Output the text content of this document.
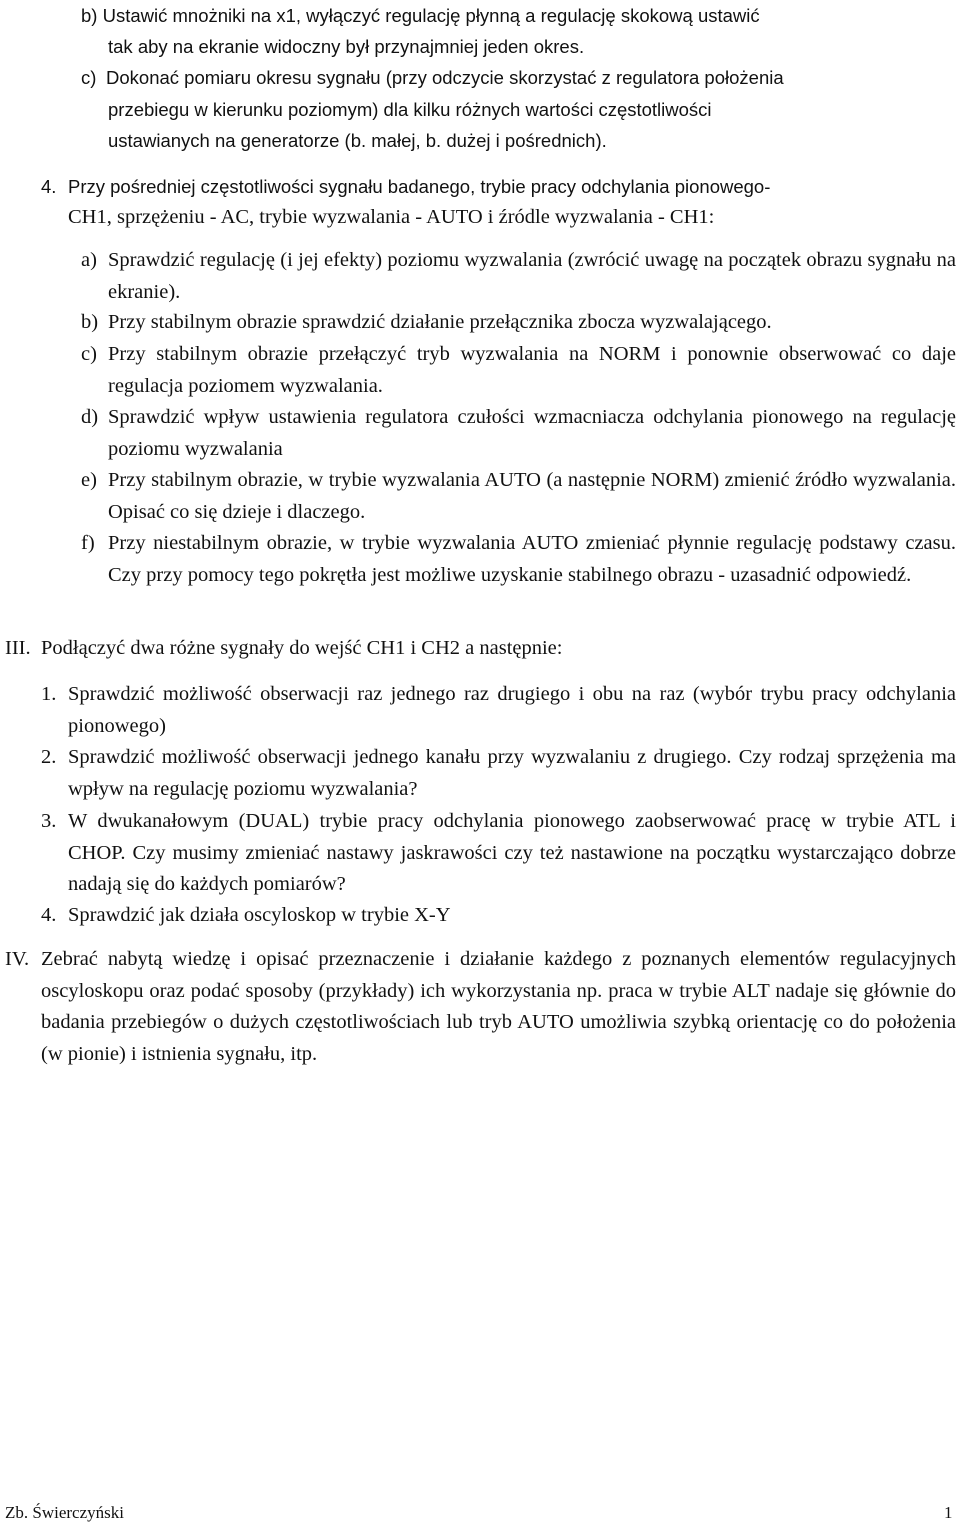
b) Ustawić mnożniki na x1, wyłączyć regulację płynną a regulację skokową ustawić
tak aby na ekranie widoczny był przynajmniej jeden okres.
c) Dokonać pomiaru okresu sygnału (przy odczycie skorzystać z regulatora położenia
przebiegu w kierunku poziomym) dla kilku różnych wartości częstotliwości
ustawianych na generatorze (b. małej, b. dużej i pośrednich).
4. Przy pośredniej częstotliwości sygnału badanego, trybie pracy odchylania pionowego-
CH1, sprzężeniu - AC, trybie wyzwalania - AUTO i źródle wyzwalania - CH1:
a) Sprawdzić regulację (i jej efekty) poziomu wyzwalania (zwrócić uwagę na początek obrazu sygnału na ekranie).
b) Przy stabilnym obrazie sprawdzić działanie przełącznika zbocza wyzwalającego.
c) Przy stabilnym obrazie przełączyć tryb wyzwalania na NORM i ponownie obserwować co daje regulacja poziomem wyzwalania.
d) Sprawdzić wpływ ustawienia regulatora czułości wzmacniacza odchylania pionowego na regulację poziomu wyzwalania
e) Przy stabilnym obrazie, w trybie wyzwalania AUTO (a następnie NORM) zmienić źródło wyzwalania. Opisać co się dzieje i dlaczego.
f) Przy niestabilnym obrazie, w trybie wyzwalania AUTO zmieniać płynnie regulację podstawy czasu. Czy przy pomocy tego pokrętła jest możliwe uzyskanie stabilnego obrazu - uzasadnić odpowiedź.
III. Podłączyć dwa różne sygnały do wejść CH1 i CH2 a następnie:
1. Sprawdzić możliwość obserwacji raz jednego raz drugiego i obu na raz (wybór trybu pracy odchylania pionowego)
2. Sprawdzić możliwość obserwacji jednego kanału przy wyzwalaniu z drugiego. Czy rodzaj sprzężenia ma wpływ na regulację poziomu wyzwalania?
3. W dwukanałowym (DUAL) trybie pracy odchylania pionowego zaobserwować pracę w trybie ATL i CHOP. Czy musimy zmieniać nastawy jaskrawości czy też nastawione na początku wystarczająco dobrze nadają się do każdych pomiarów?
4. Sprawdzić jak działa oscyloskop w trybie X-Y
IV. Zebrać nabytą wiedzę i opisać przeznaczenie i działanie każdego z poznanych elementów regulacyjnych oscyloskopu oraz podać sposoby (przykłady) ich wykorzystania np. praca w trybie ALT nadaje się głównie do badania przebiegów o dużych częstotliwościach lub tryb AUTO umożliwia szybką orientację co do położenia (w pionie) i istnienia sygnału, itp.
Zb. Świerczyński	1
